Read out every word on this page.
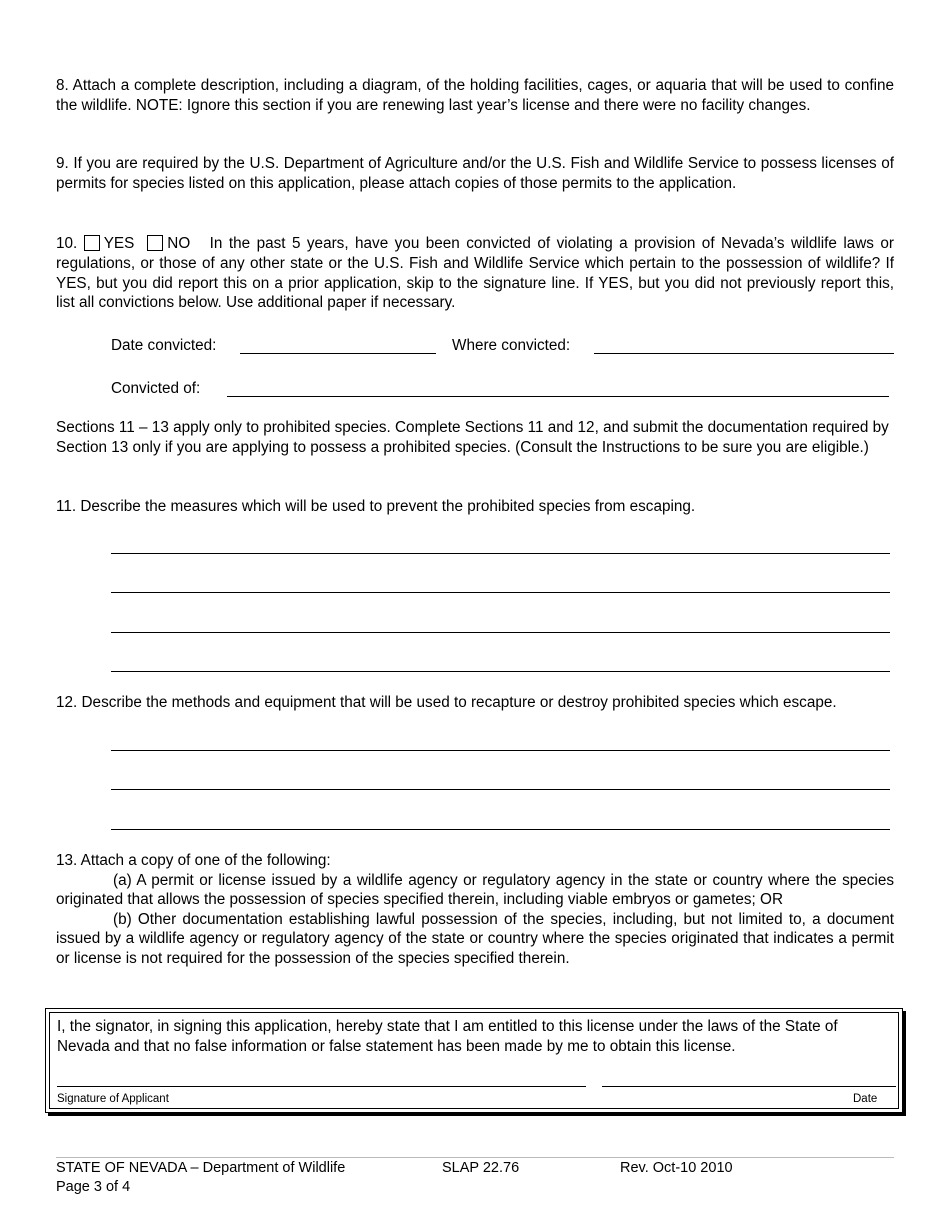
8. Attach a complete description, including a diagram, of the holding facilities, cages, or aquaria that will be used to confine the wildlife. NOTE: Ignore this section if you are renewing last year’s license and there were no facility changes.

9. If you are required by the U.S. Department of Agriculture and/or the U.S. Fish and Wildlife Service to possess licenses of permits for species listed on this application, please attach copies of those permits to the application.

10. YES NO In the past 5 years, have you been convicted of violating a provision of Nevada’s wildlife laws or regulations, or those of any other state or the U.S. Fish and Wildlife Service which pertain to the possession of wildlife? If YES, but you did report this on a prior application, skip to the signature line. If YES, but you did not previously report this, list all convictions below. Use additional paper if necessary.

Date convicted:	Where convicted:
Convicted of:

Sections 11 – 13 apply only to prohibited species. Complete Sections 11 and 12, and submit the documentation required by Section 13 only if you are applying to possess a prohibited species. (Consult the Instructions to be sure you are eligible.)

11. Describe the measures which will be used to prevent the prohibited species from escaping.

12. Describe the methods and equipment that will be used to recapture or destroy prohibited species which escape.

13. Attach a copy of one of the following:
(a) A permit or license issued by a wildlife agency or regulatory agency in the state or country where the species originated that allows the possession of species specified therein, including viable embryos or gametes; OR
(b) Other documentation establishing lawful possession of the species, including, but not limited to, a document issued by a wildlife agency or regulatory agency of the state or country where the species originated that indicates a permit or license is not required for the possession of the species specified therein.
I, the signator, in signing this application, hereby state that I am entitled to this license under the laws of the State of Nevada and that no false information or false statement has been made by me to obtain this license.
Signature of Applicant	Date
STATE OF NEVADA – Department of Wildlife	SLAP 22.76	Rev. Oct-10 2010
Page 3 of 4
